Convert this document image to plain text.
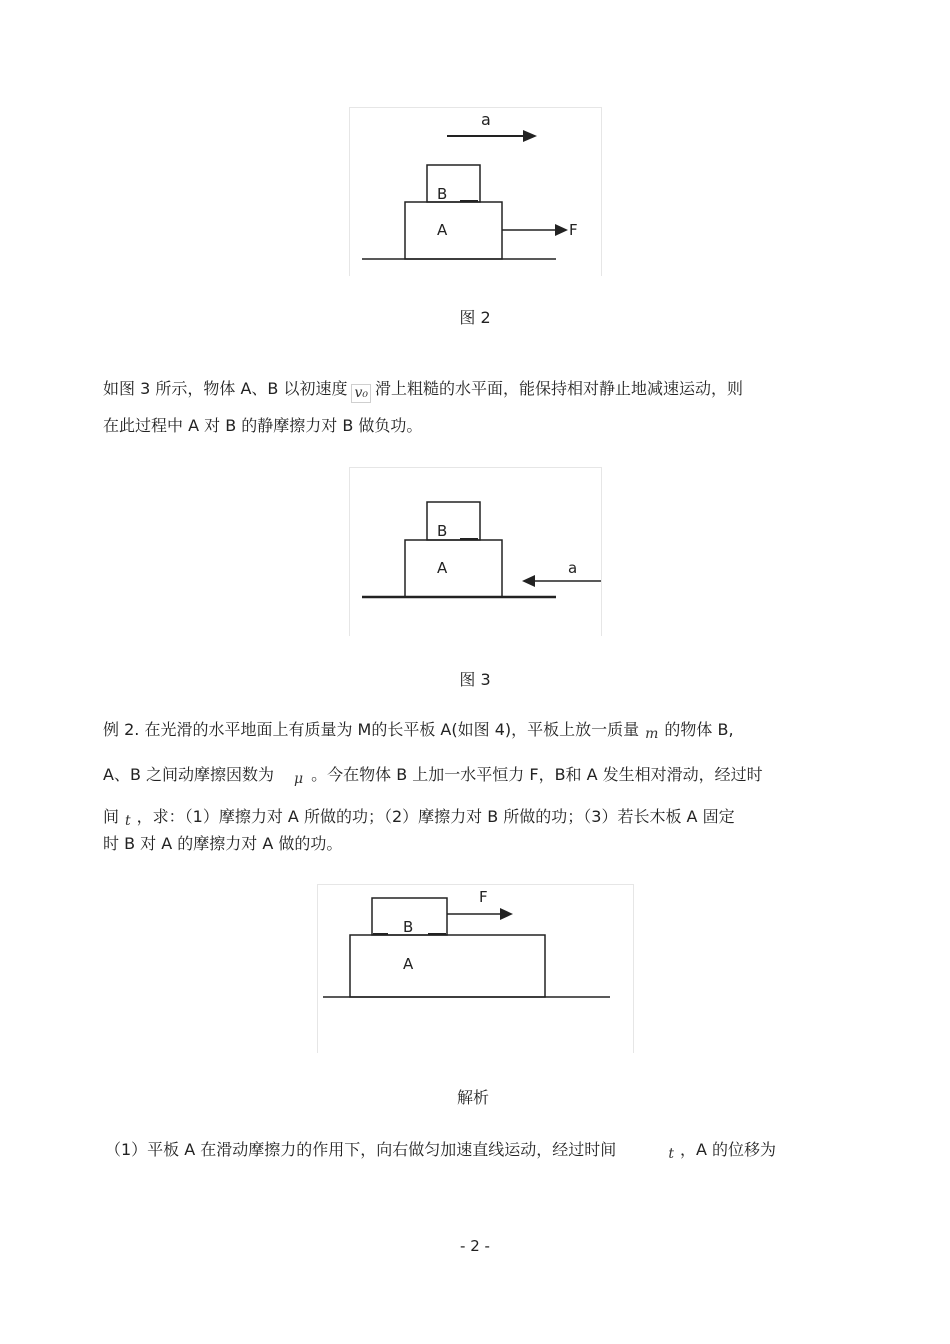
a
B
A	F
图 2
如图 3 所示，物体 A、B 以初速度 v₀ 滑上粗糙的水平面，能保持相对静止地减速运动，则
在此过程中 A 对 B 的静摩擦力对 B 做负功。
B
A	a
图 3
例 2. 在光滑的水平地面上有质量为 M的长平板 A(如图 4)，平板上放一质量 m 的物体 B,
A、B 之间动摩擦因数为 μ 。今在物体 B 上加一水平恒力 F，B和 A 发生相对滑动，经过时
间 t ，求：（1）摩擦力对 A 所做的功；（2）摩擦力对 B 所做的功；（3）若长木板 A 固定
时 B 对 A 的摩擦力对 A 做的功。
B
F
A
解析
（1）平板 A 在滑动摩擦力的作用下，向右做匀加速直线运动，经过时间	t ，A 的位移为
- 2 -
